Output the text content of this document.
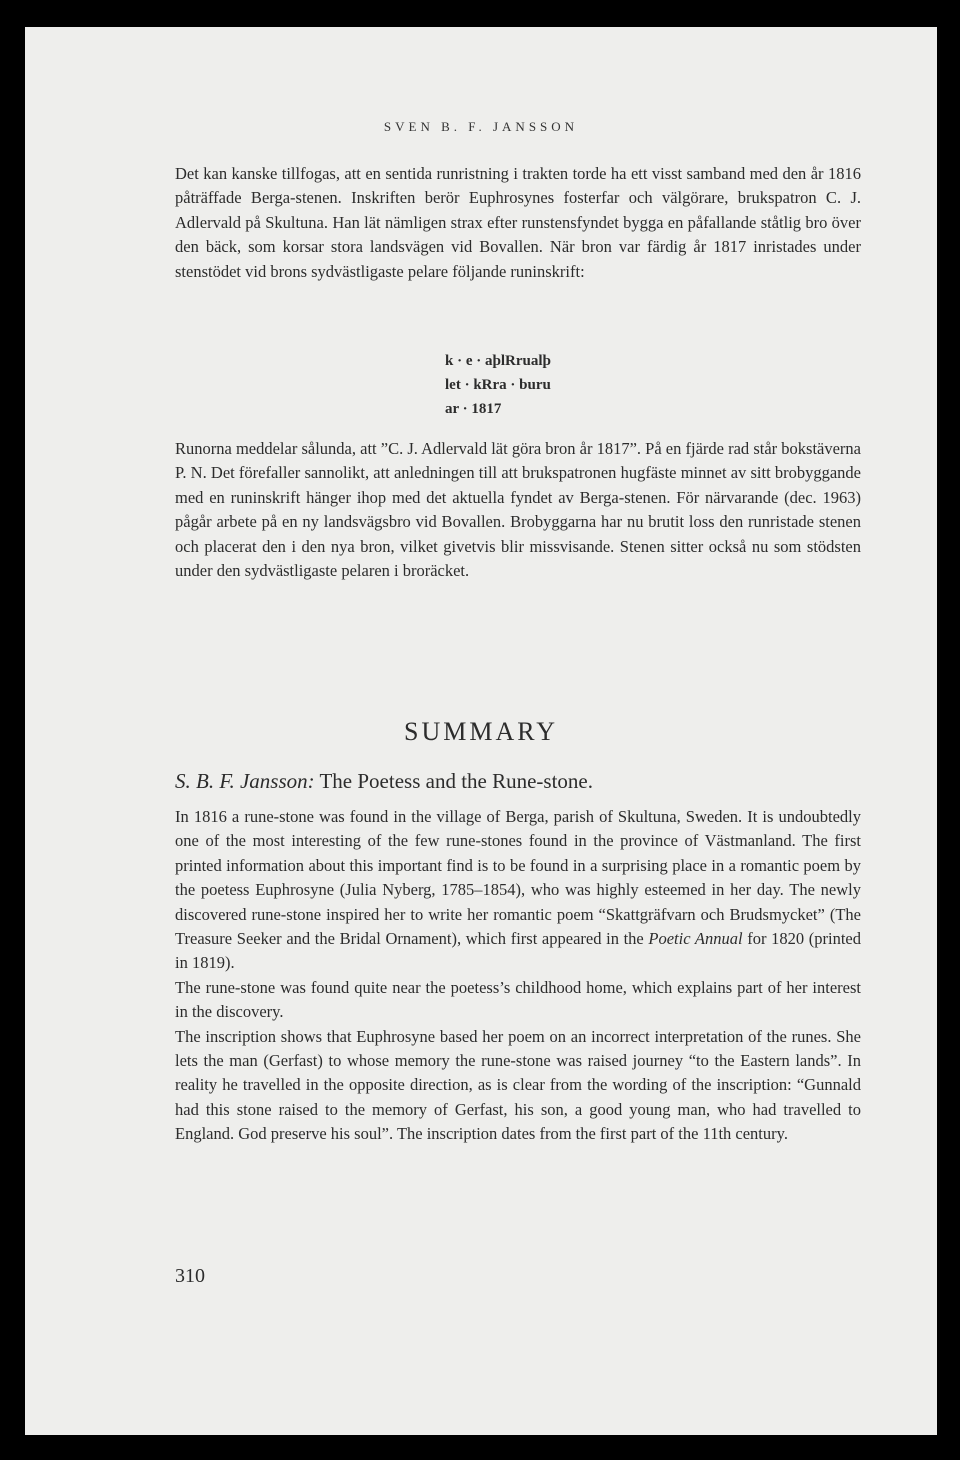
SVEN B. F. JANSSON

Det kan kanske tillfogas, att en sentida runristning i trakten torde ha ett visst samband med den år 1816 påträffade Berga-stenen. Inskriften berör Euphrosynes fosterfar och välgörare, brukspatron C. J. Adlervald på Skultuna. Han lät nämligen strax efter runstensfyndet bygga en påfallande ståtlig bro över den bäck, som korsar stora landsvägen vid Bovallen. När bron var färdig år 1817 inristades under stenstödet vid brons sydvästligaste pelare följande runinskrift:

k · e · aþlRrualþ
let · kRra · buru
ar · 1817

Runorna meddelar sålunda, att ”C. J. Adlervald lät göra bron år 1817”. På en fjärde rad står bokstäverna P. N. Det förefaller sannolikt, att anledningen till att brukspatronen hugfäste minnet av sitt brobyggande med en runinskrift hänger ihop med det aktuella fyndet av Berga-stenen. För närvarande (dec. 1963) pågår arbete på en ny landsvägsbro vid Bovallen. Brobyggarna har nu brutit loss den runristade stenen och placerat den i den nya bron, vilket givetvis blir missvisande. Stenen sitter också nu som stödsten under den sydvästligaste pelaren i broräcket.

SUMMARY
S. B. F. Jansson: The Poetess and the Rune-stone.

In 1816 a rune-stone was found in the village of Berga, parish of Skultuna, Sweden. It is undoubtedly one of the most interesting of the few rune-stones found in the province of Västmanland. The first printed information about this important find is to be found in a surprising place in a romantic poem by the poetess Euphrosyne (Julia Nyberg, 1785–1854), who was highly esteemed in her day. The newly discovered rune-stone inspired her to write her romantic poem “Skattgräfvarn och Brudsmycket” (The Treasure Seeker and the Bridal Ornament), which first appeared in the Poetic Annual for 1820 (printed in 1819).

The rune-stone was found quite near the poetess’s childhood home, which explains part of her interest in the discovery.

The inscription shows that Euphrosyne based her poem on an incorrect interpretation of the runes. She lets the man (Gerfast) to whose memory the rune-stone was raised journey “to the Eastern lands”. In reality he travelled in the opposite direction, as is clear from the wording of the inscription: “Gunnald had this stone raised to the memory of Gerfast, his son, a good young man, who had travelled to England. God preserve his soul”. The inscription dates from the first part of the 11th century.

310
